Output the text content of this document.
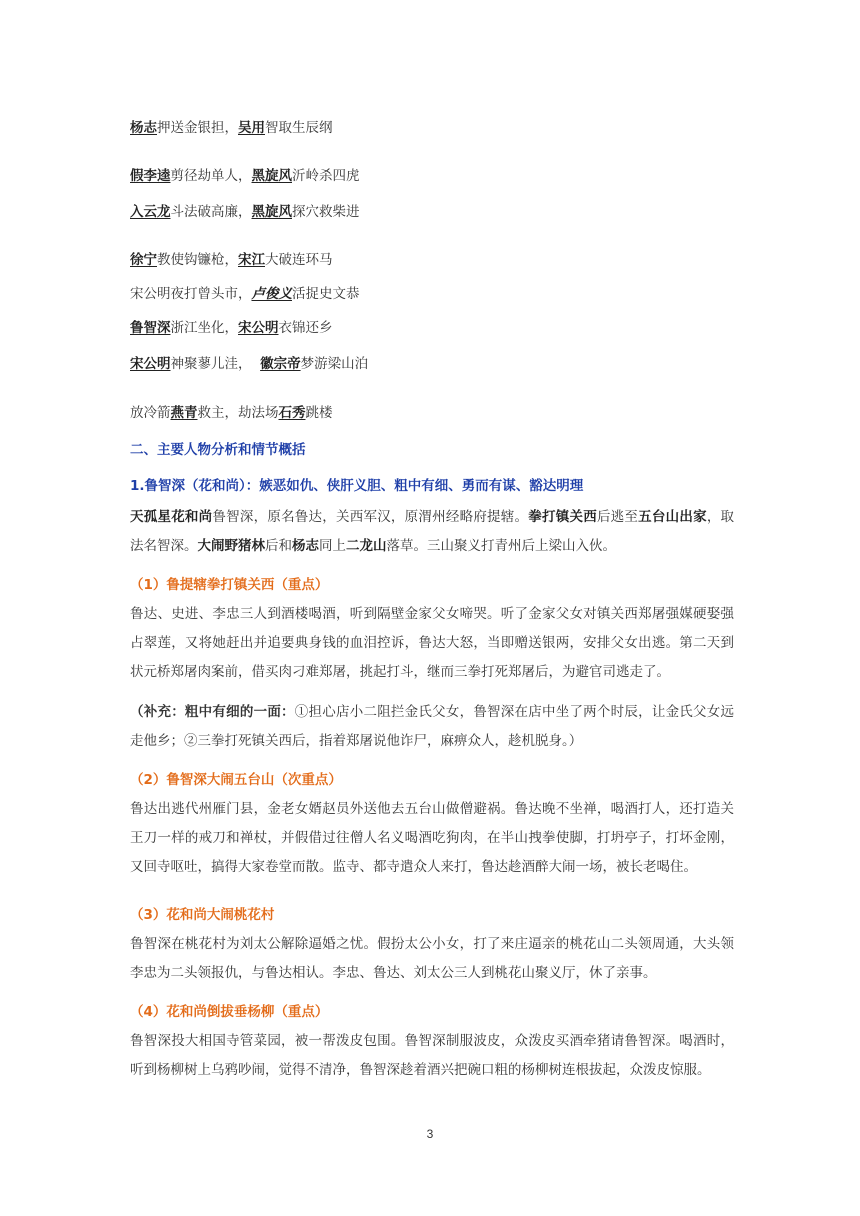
杨志押送金银担，吴用智取生辰纲
假李逵剪径劫单人，黑旋风沂岭杀四虎
入云龙斗法破高廉，黑旋风探穴救柴进
徐宁教使钩镰枪，宋江大破连环马
宋公明夜打曾头市，卢俊义活捉史文恭
鲁智深浙江坐化，宋公明衣锦还乡
宋公明神聚蓼儿洼，  徽宗帝梦游梁山泊
放冷箭燕青救主，劫法场石秀跳楼
二、主要人物分析和情节概括
1.鲁智深（花和尚）：嫉恶如仇、侠肝义胆、粗中有细、勇而有谋、豁达明理
天孤星花和尚鲁智深，原名鲁达，关西军汉，原渭州经略府提辖。拳打镇关西后逃至五台山出家，取法名智深。大闹野猪林后和杨志同上二龙山落草。三山聚义打青州后上梁山入伙。
（1）鲁提辖拳打镇关西（重点）
鲁达、史进、李忠三人到酒楼喝酒，听到隔壁金家父女啼哭。听了金家父女对镇关西郑屠强媒硬娶强占翠莲，又将她赶出并追要典身钱的血泪控诉，鲁达大怒，当即赠送银两，安排父女出逃。第二天到状元桥郑屠肉案前，借买肉刁难郑屠，挑起打斗，继而三拳打死郑屠后，为避官司逃走了。
（补充：粗中有细的一面：①担心店小二阻拦金氏父女，鲁智深在店中坐了两个时辰，让金氏父女远走他乡；②三拳打死镇关西后，指着郑屠说他诈尸，麻痹众人，趁机脱身。）
（2）鲁智深大闹五台山（次重点）
鲁达出逃代州雁门县，金老女婿赵员外送他去五台山做僧避祸。鲁达晚不坐禅，喝酒打人，还打造关王刀一样的戒刀和禅杖，并假借过往僧人名义喝酒吃狗肉，在半山拽拳使脚，打坍亭子，打坏金刚，又回寺呕吐，搞得大家卷堂而散。监寺、都寺遣众人来打，鲁达趁酒醉大闹一场，被长老喝住。
（3）花和尚大闹桃花村
鲁智深在桃花村为刘太公解除逼婚之忧。假扮太公小女，打了来庄逼亲的桃花山二头领周通，大头领李忠为二头领报仇，与鲁达相认。李忠、鲁达、刘太公三人到桃花山聚义厅，休了亲事。
（4）花和尚倒拔垂杨柳（重点）
鲁智深投大相国寺管菜园，被一帮泼皮包围。鲁智深制服波皮，众泼皮买酒牵猪请鲁智深。喝酒时，听到杨柳树上乌鸦吵闹，觉得不清净，鲁智深趁着酒兴把碗口粗的杨柳树连根拔起，众泼皮惊服。
3
